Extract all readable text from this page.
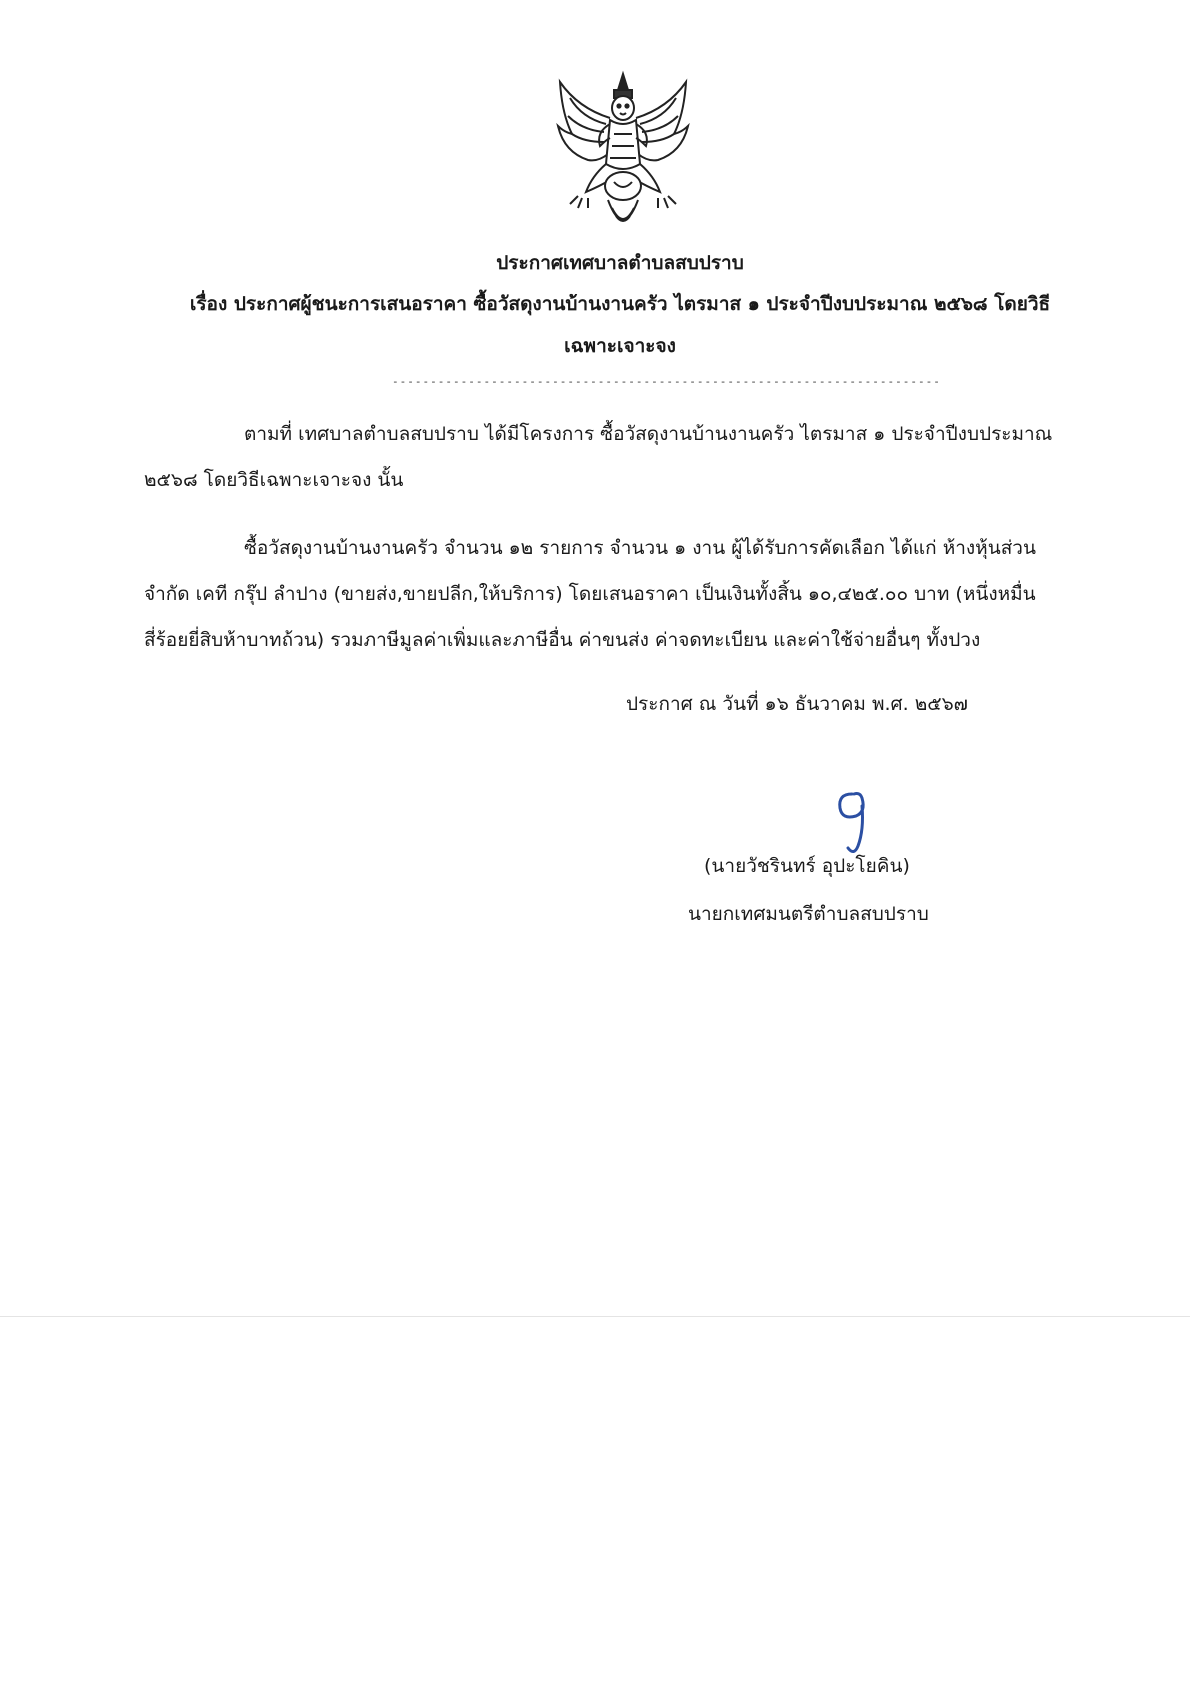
ประกาศเทศบาลตำบลสบปราบ
เรื่อง ประกาศผู้ชนะการเสนอราคา ซื้อวัสดุงานบ้านงานครัว ไตรมาส ๑ ประจำปีงบประมาณ ๒๕๖๘ โดยวิธี
เฉพาะเจาะจง
------------------------------------------------------------------------
ตามที่ เทศบาลตำบลสบปราบ ได้มีโครงการ ซื้อวัสดุงานบ้านงานครัว ไตรมาส ๑ ประจำปีงบประมาณ
๒๕๖๘ โดยวิธีเฉพาะเจาะจง นั้น
ซื้อวัสดุงานบ้านงานครัว จำนวน ๑๒ รายการ จำนวน ๑ งาน ผู้ได้รับการคัดเลือก ได้แก่ ห้างหุ้นส่วน
จำกัด เคที กรุ๊ป ลำปาง (ขายส่ง,ขายปลีก,ให้บริการ) โดยเสนอราคา เป็นเงินทั้งสิ้น ๑๐,๔๒๕.๐๐ บาท (หนึ่งหมื่น
สี่ร้อยยี่สิบห้าบาทถ้วน) รวมภาษีมูลค่าเพิ่มและภาษีอื่น ค่าขนส่ง ค่าจดทะเบียน และค่าใช้จ่ายอื่นๆ ทั้งปวง
ประกาศ ณ วันที่ ๑๖ ธันวาคม พ.ศ. ๒๕๖๗
(นายวัชรินทร์ อุปะโยคิน)
นายกเทศมนตรีตำบลสบปราบ
